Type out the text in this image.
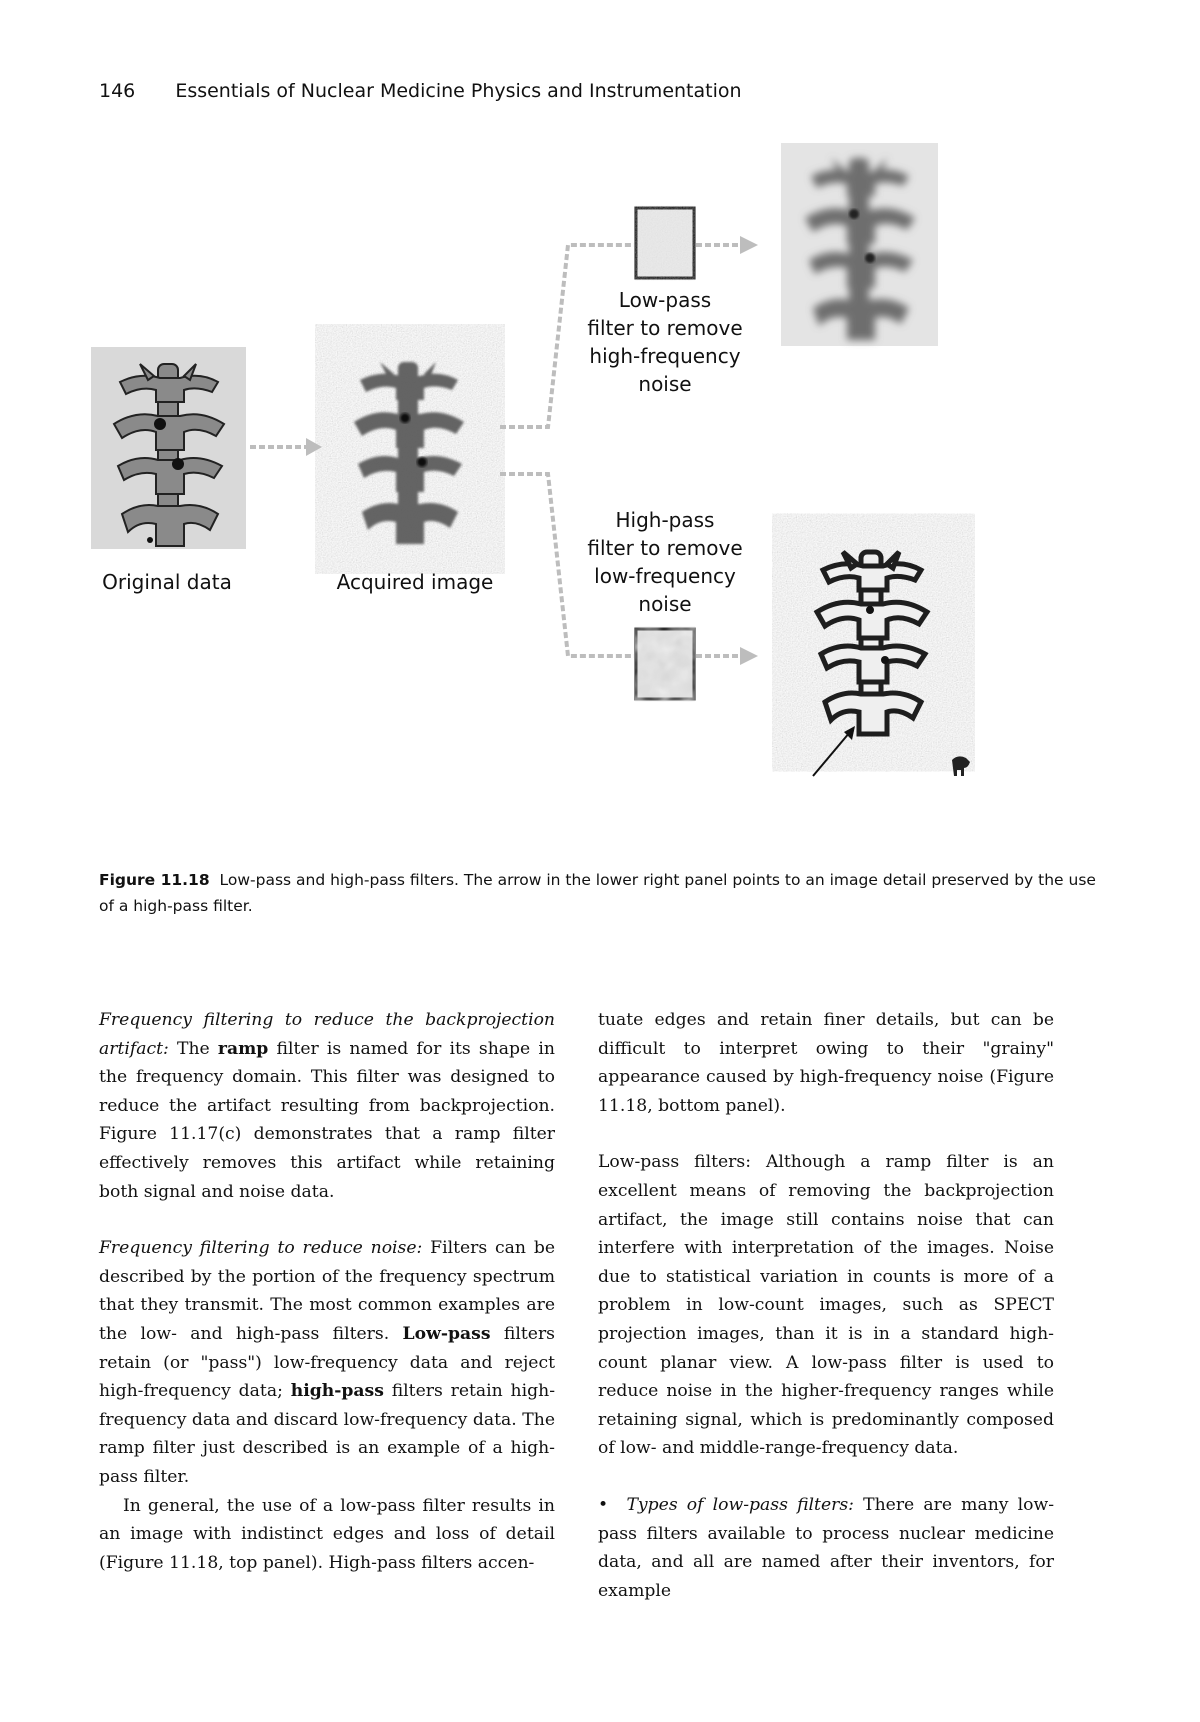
146 Essentials of Nuclear Medicine Physics and Instrumentation
Original data	Acquired image
Low-pass
filter to remove
high-frequency
noise
High-pass
filter to remove
low-frequency
noise
Figure 11.18 Low-pass and high-pass filters. The arrow in the lower right panel points to an image detail preserved by the use of a high-pass filter.

Frequency filtering to reduce the backprojection artifact: The ramp filter is named for its shape in the frequency domain. This filter was designed to reduce the artifact resulting from backprojection. Figure 11.17(c) demonstrates that a ramp filter effectively removes this artifact while retaining both signal and noise data.

Frequency filtering to reduce noise: Filters can be described by the portion of the frequency spectrum that they transmit. The most common examples are the low- and high-pass filters. Low-pass filters retain (or "pass") low-frequency data and reject high-frequency data; high-pass filters retain high-frequency data and discard low-frequency data. The ramp filter just described is an example of a high-pass filter.

In general, the use of a low-pass filter results in an image with indistinct edges and loss of detail (Figure 11.18, top panel). High-pass filters accen-

tuate edges and retain finer details, but can be difficult to interpret owing to their "grainy" appearance caused by high-frequency noise (Figure 11.18, bottom panel).

Low-pass filters: Although a ramp filter is an excellent means of removing the backprojection artifact, the image still contains noise that can interfere with interpretation of the images. Noise due to statistical variation in counts is more of a problem in low-count images, such as SPECT projection images, than it is in a standard high-count planar view. A low-pass filter is used to reduce noise in the higher-frequency ranges while retaining signal, which is predominantly composed of low- and middle-range-frequency data.

• Types of low-pass filters: There are many low-pass filters available to process nuclear medicine data, and all are named after their inventors, for example
